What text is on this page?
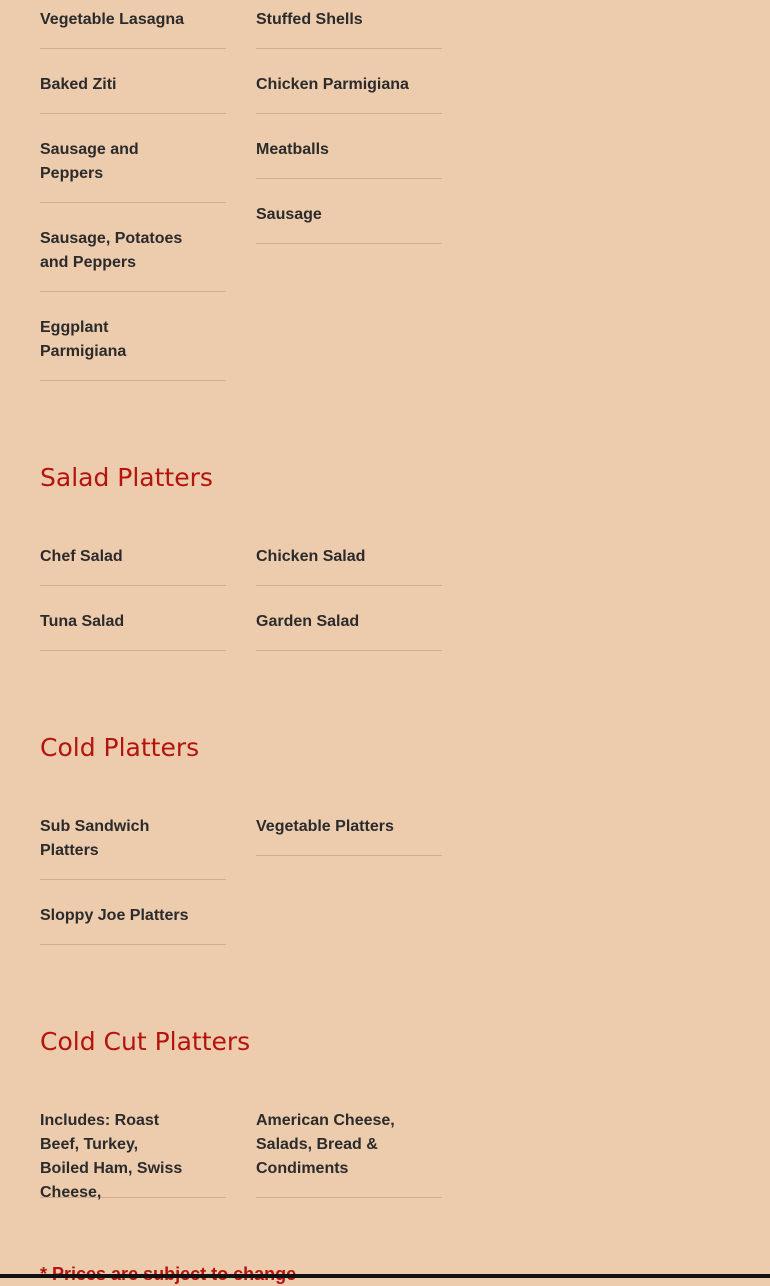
Vegetable Lasagna
Baked Ziti
Sausage and Peppers
Sausage, Potatoes and Peppers
Eggplant Parmigiana
Stuffed Shells
Chicken Parmigiana
Meatballs
Sausage
Salad Platters
Chef Salad
Tuna Salad
Chicken Salad
Garden Salad
Cold Platters
Sub Sandwich Platters
Sloppy Joe Platters
Vegetable Platters
Cold Cut Platters
Includes: Roast Beef, Turkey, Boiled Ham, Swiss Cheese,
American Cheese, Salads, Bread & Condiments
